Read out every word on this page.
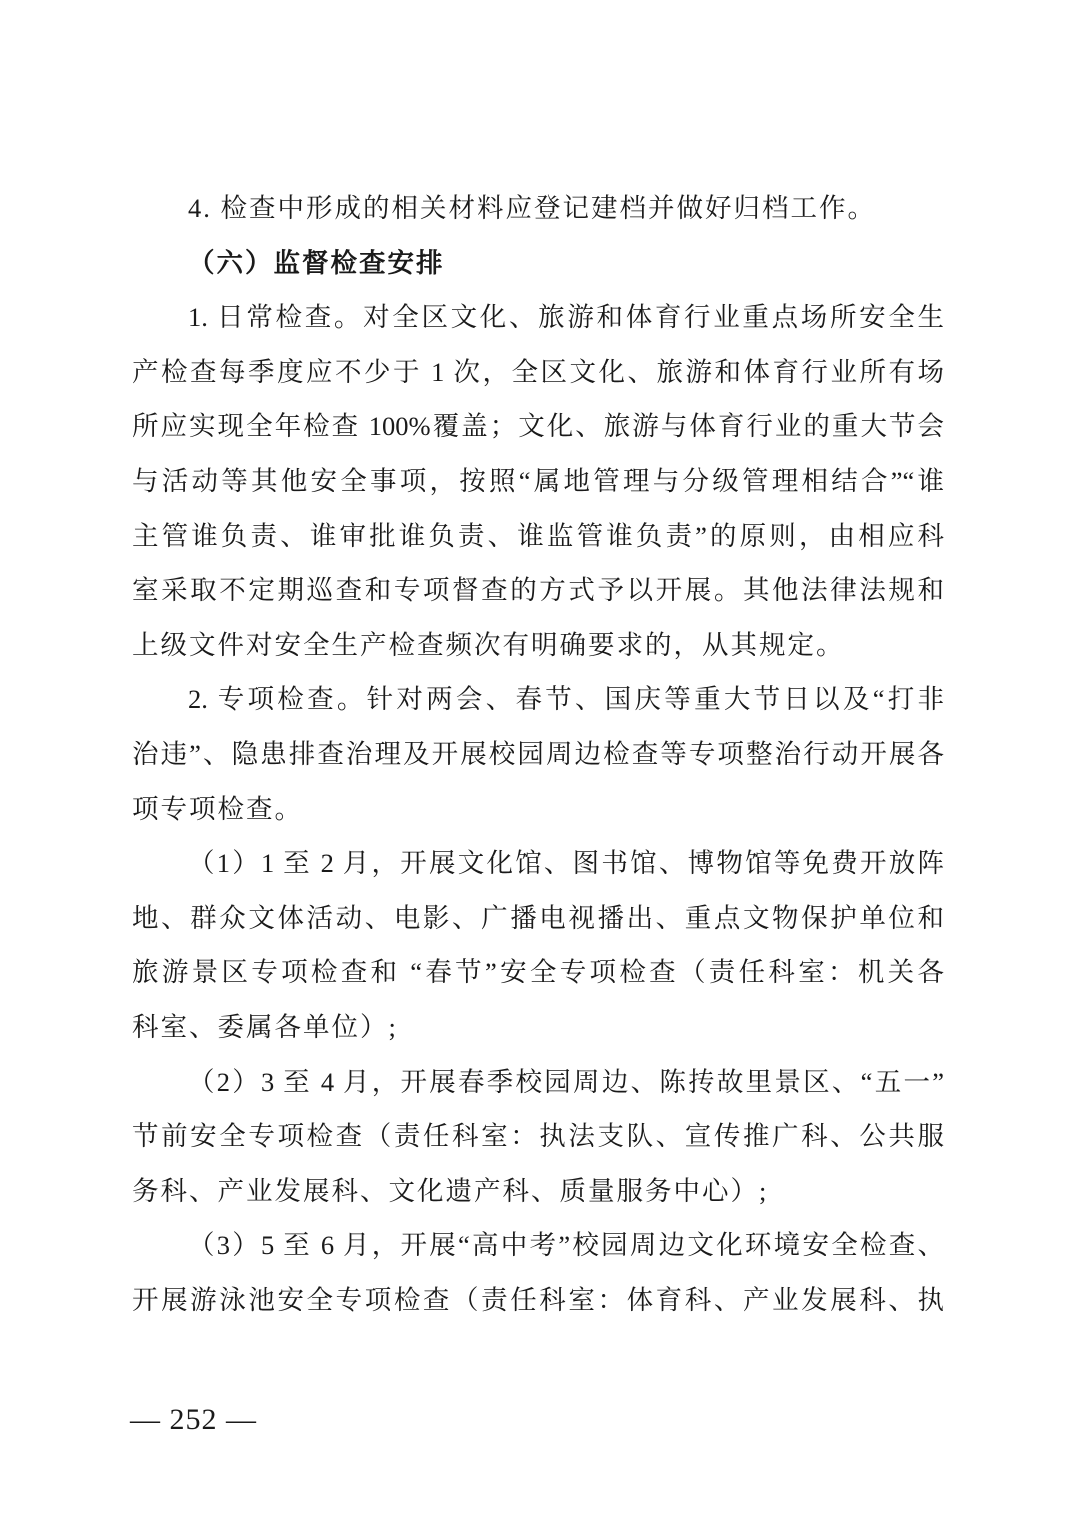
4. 检查中形成的相关材料应登记建档并做好归档工作。
（六）监督检查安排
1. 日常检查。对全区文化、旅游和体育行业重点场所安全生
产检查每季度应不少于 1 次，全区文化、旅游和体育行业所有场
所应实现全年检查 100%覆盖；文化、旅游与体育行业的重大节会
与活动等其他安全事项，按照“属地管理与分级管理相结合”“谁
主管谁负责、谁审批谁负责、谁监管谁负责”的原则，由相应科
室采取不定期巡查和专项督查的方式予以开展。其他法律法规和
上级文件对安全生产检查频次有明确要求的，从其规定。
2. 专项检查。针对两会、春节、国庆等重大节日以及“打非
治违”、隐患排查治理及开展校园周边检查等专项整治行动开展各
项专项检查。
（1）1 至 2 月，开展文化馆、图书馆、博物馆等免费开放阵
地、群众文体活动、电影、广播电视播出、重点文物保护单位和
旅游景区专项检查和 “春节”安全专项检查（责任科室：机关各
科室、委属各单位）;
（2）3 至 4 月，开展春季校园周边、陈抟故里景区、“五一”
节前安全专项检查（责任科室：执法支队、宣传推广科、公共服
务科、产业发展科、文化遗产科、质量服务中心）;
（3）5 至 6 月，开展“高中考”校园周边文化环境安全检查、
开展游泳池安全专项检查（责任科室：体育科、产业发展科、执
— 252 —
